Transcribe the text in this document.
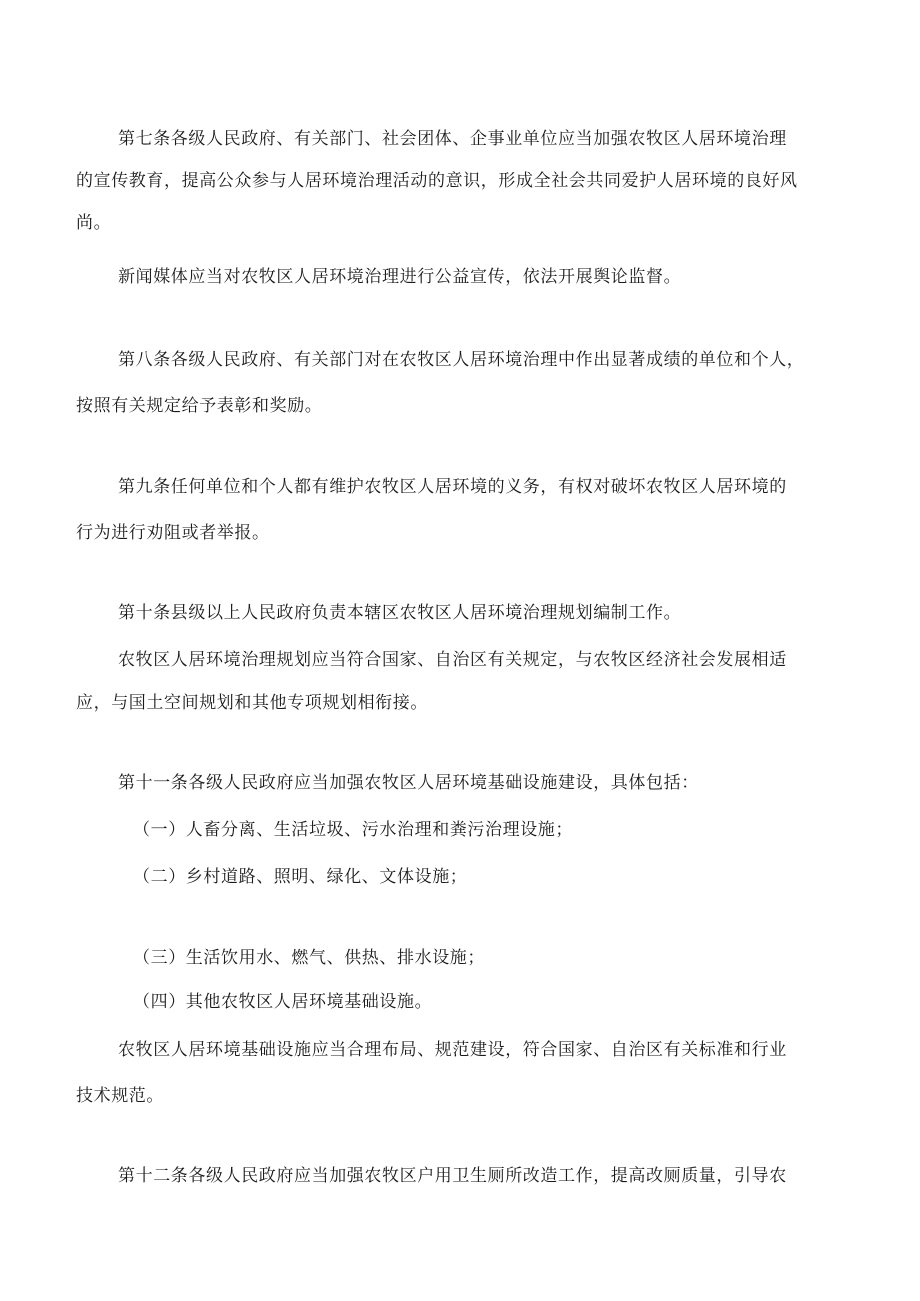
第七条各级人民政府、有关部门、社会团体、企事业单位应当加强农牧区人居环境治理

的宣传教育，提高公众参与人居环境治理活动的意识，形成全社会共同爱护人居环境的良好风

尚。

新闻媒体应当对农牧区人居环境治理进行公益宣传，依法开展舆论监督。

第八条各级人民政府、有关部门对在农牧区人居环境治理中作出显著成绩的单位和个人，

按照有关规定给予表彰和奖励。

第九条任何单位和个人都有维护农牧区人居环境的义务，有权对破坏农牧区人居环境的

行为进行劝阻或者举报。

第十条县级以上人民政府负责本辖区农牧区人居环境治理规划编制工作。

农牧区人居环境治理规划应当符合国家、自治区有关规定，与农牧区经济社会发展相适

应，与国土空间规划和其他专项规划相衔接。

第十一条各级人民政府应当加强农牧区人居环境基础设施建设，具体包括：

（一）人畜分离、生活垃圾、污水治理和粪污治理设施；

（二）乡村道路、照明、绿化、文体设施；

（三）生活饮用水、燃气、供热、排水设施；

（四）其他农牧区人居环境基础设施。

农牧区人居环境基础设施应当合理布局、规范建设，符合国家、自治区有关标准和行业

技术规范。

第十二条各级人民政府应当加强农牧区户用卫生厕所改造工作，提高改厕质量，引导农
